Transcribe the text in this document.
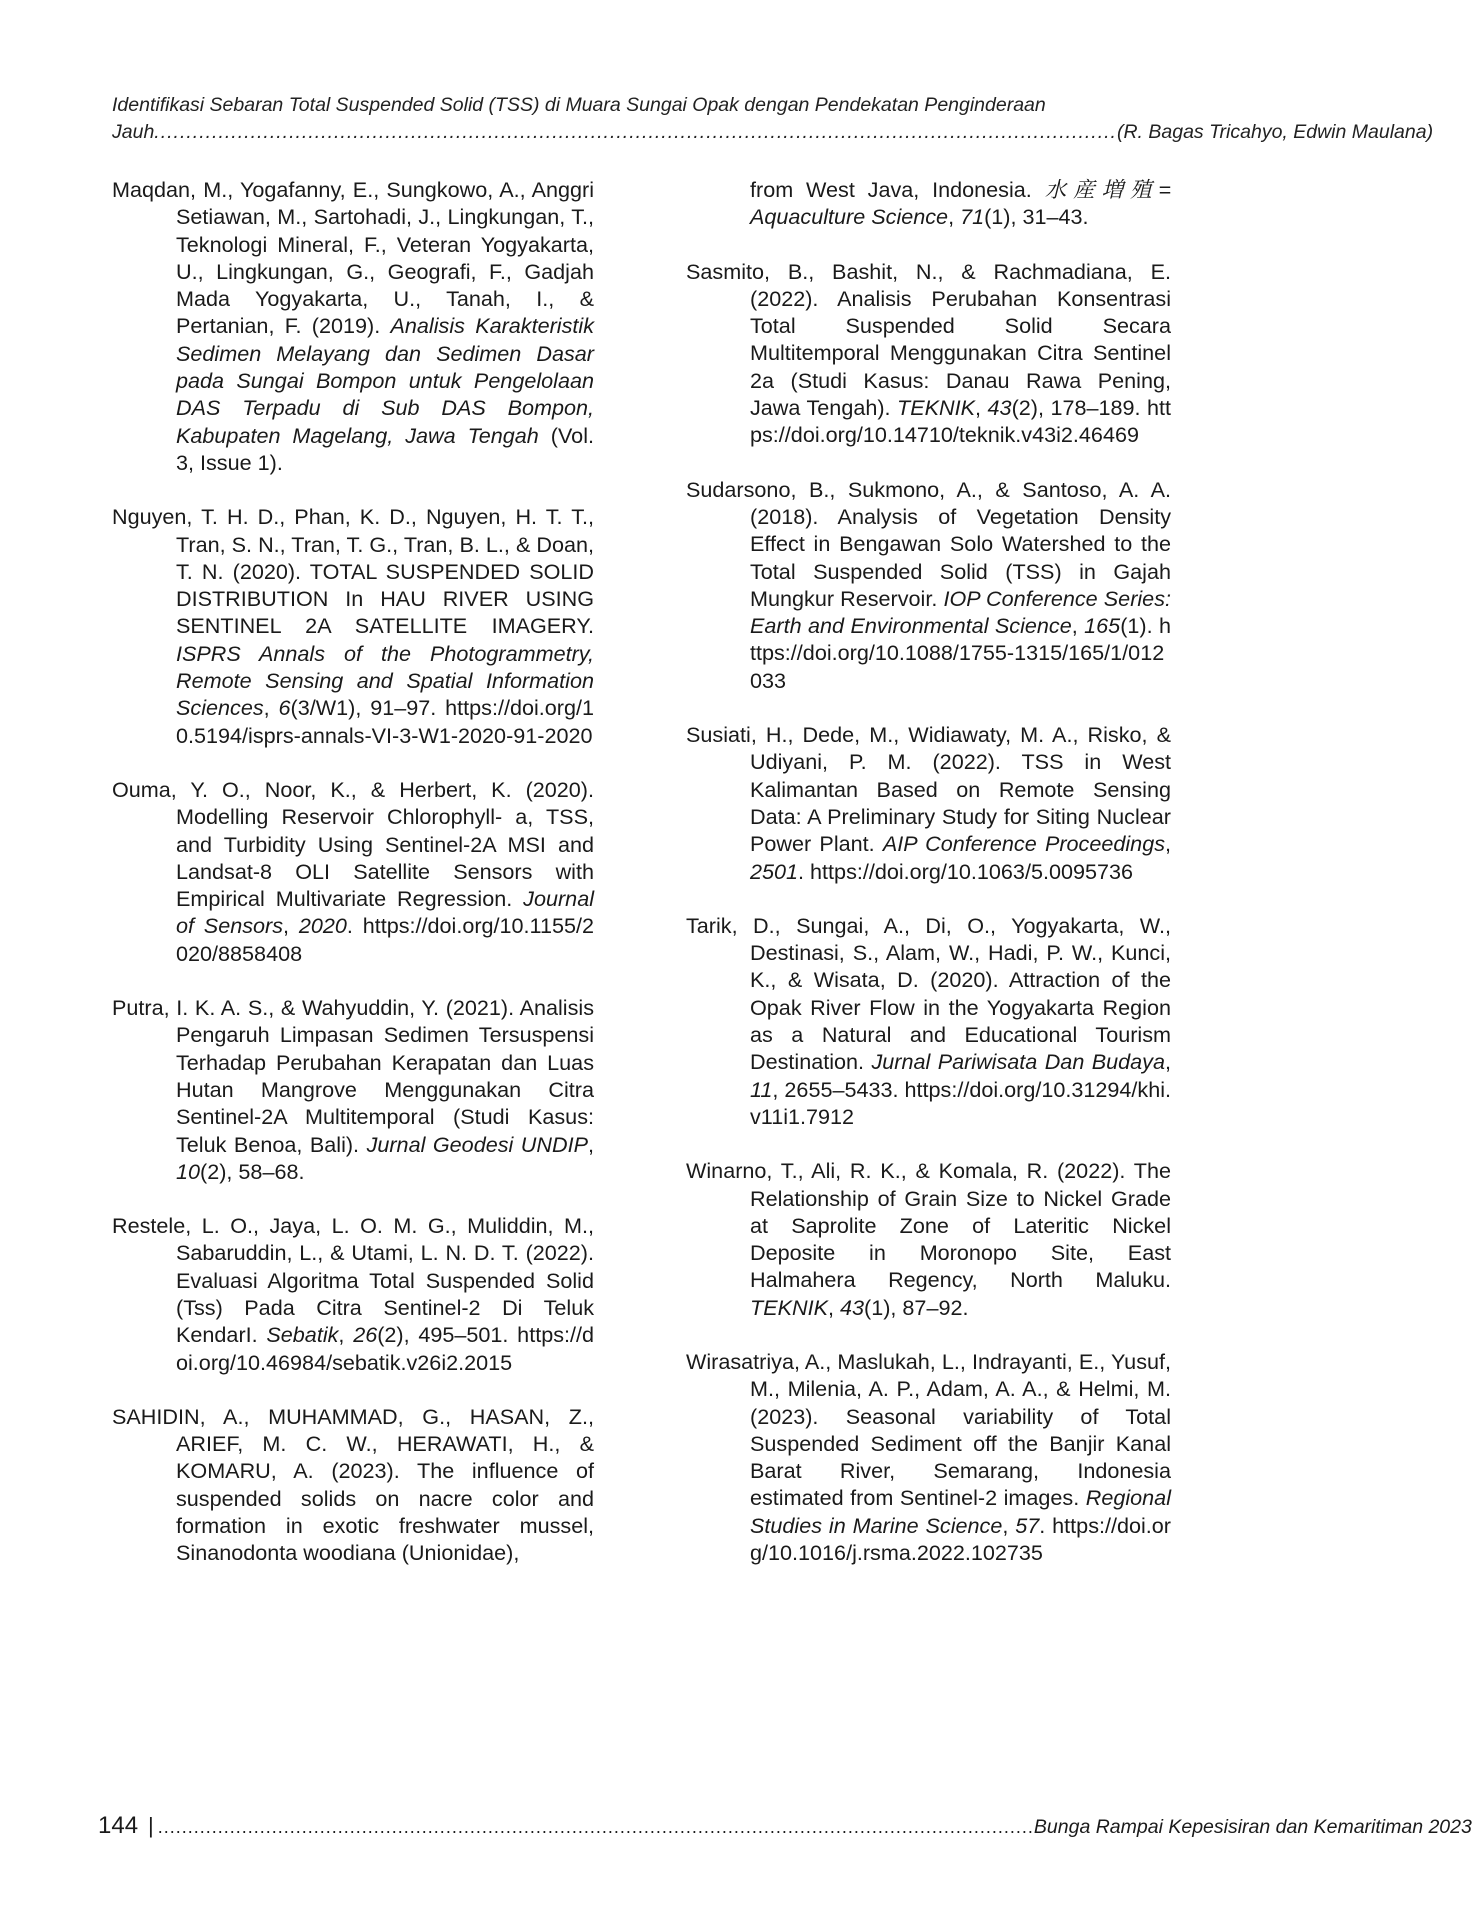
Identifikasi Sebaran Total Suspended Solid (TSS) di Muara Sungai Opak dengan Pendekatan Penginderaan
Jauh ...................................................................................................................................................... (R. Bagas Tricahyo, Edwin Maulana)

Maqdan, M., Yogafanny, E., Sungkowo, A., Anggri Setiawan, M., Sartohadi, J., Lingkungan, T., Teknologi Mineral, F., Veteran Yogyakarta, U., Lingkungan, G., Geografi, F., Gadjah Mada Yogyakarta, U., Tanah, I., & Pertanian, F. (2019). Analisis Karakteristik Sedimen Melayang dan Sedimen Dasar pada Sungai Bompon untuk Pengelolaan DAS Terpadu di Sub DAS Bompon, Kabupaten Magelang, Jawa Tengah (Vol. 3, Issue 1).

Nguyen, T. H. D., Phan, K. D., Nguyen, H. T. T., Tran, S. N., Tran, T. G., Tran, B. L., & Doan, T. N. (2020). TOTAL SUSPENDED SOLID DISTRIBUTION In HAU RIVER USING SENTINEL 2A SATELLITE IMAGERY. ISPRS Annals of the Photogrammetry, Remote Sensing and Spatial Information Sciences, 6(3/W1), 91–97. https://doi.org/10.5194/isprs-annals-VI-3-W1-2020-91-2020

Ouma, Y. O., Noor, K., & Herbert, K. (2020). Modelling Reservoir Chlorophyll- a, TSS, and Turbidity Using Sentinel-2A MSI and Landsat-8 OLI Satellite Sensors with Empirical Multivariate Regression. Journal of Sensors, 2020. https://doi.org/10.1155/2020/8858408

Putra, I. K. A. S., & Wahyuddin, Y. (2021). Analisis Pengaruh Limpasan Sedimen Tersuspensi Terhadap Perubahan Kerapatan dan Luas Hutan Mangrove Menggunakan Citra Sentinel-2A Multitemporal (Studi Kasus: Teluk Benoa, Bali). Jurnal Geodesi UNDIP, 10(2), 58–68.

Restele, L. O., Jaya, L. O. M. G., Muliddin, M., Sabaruddin, L., & Utami, L. N. D. T. (2022). Evaluasi Algoritma Total Suspended Solid (Tss) Pada Citra Sentinel-2 Di Teluk KendarI. Sebatik, 26(2), 495–501. https://doi.org/10.46984/sebatik.v26i2.2015

SAHIDIN, A., MUHAMMAD, G., HASAN, Z., ARIEF, M. C. W., HERAWATI, H., & KOMARU, A. (2023). The influence of suspended solids on nacre color and formation in exotic freshwater mussel, Sinanodonta woodiana (Unionidae),

from West Java, Indonesia. 水産増殖= Aquaculture Science, 71(1), 31–43.

Sasmito, B., Bashit, N., & Rachmadiana, E. (2022). Analisis Perubahan Konsentrasi Total Suspended Solid Secara Multitemporal Menggunakan Citra Sentinel 2a (Studi Kasus: Danau Rawa Pening, Jawa Tengah). TEKNIK, 43(2), 178–189. https://doi.org/10.14710/teknik.v43i2.46469

Sudarsono, B., Sukmono, A., & Santoso, A. A. (2018). Analysis of Vegetation Density Effect in Bengawan Solo Watershed to the Total Suspended Solid (TSS) in Gajah Mungkur Reservoir. IOP Conference Series: Earth and Environmental Science, 165(1). https://doi.org/10.1088/1755-1315/165/1/012033

Susiati, H., Dede, M., Widiawaty, M. A., Risko, & Udiyani, P. M. (2022). TSS in West Kalimantan Based on Remote Sensing Data: A Preliminary Study for Siting Nuclear Power Plant. AIP Conference Proceedings, 2501. https://doi.org/10.1063/5.0095736

Tarik, D., Sungai, A., Di, O., Yogyakarta, W., Destinasi, S., Alam, W., Hadi, P. W., Kunci, K., & Wisata, D. (2020). Attraction of the Opak River Flow in the Yogyakarta Region as a Natural and Educational Tourism Destination. Jurnal Pariwisata Dan Budaya, 11, 2655–5433. https://doi.org/10.31294/khi.v11i1.7912

Winarno, T., Ali, R. K., & Komala, R. (2022). The Relationship of Grain Size to Nickel Grade at Saprolite Zone of Lateritic Nickel Deposite in Moronopo Site, East Halmahera Regency, North Maluku. TEKNIK, 43(1), 87–92.

Wirasatriya, A., Maslukah, L., Indrayanti, E., Yusuf, M., Milenia, A. P., Adam, A. A., & Helmi, M. (2023). Seasonal variability of Total Suspended Sediment off the Banjir Kanal Barat River, Semarang, Indonesia estimated from Sentinel-2 images. Regional Studies in Marine Science, 57. https://doi.org/10.1016/j.rsma.2022.102735

144 | .................................................................................................................................................. Bunga Rampai Kepesisiran dan Kemaritiman 2023
